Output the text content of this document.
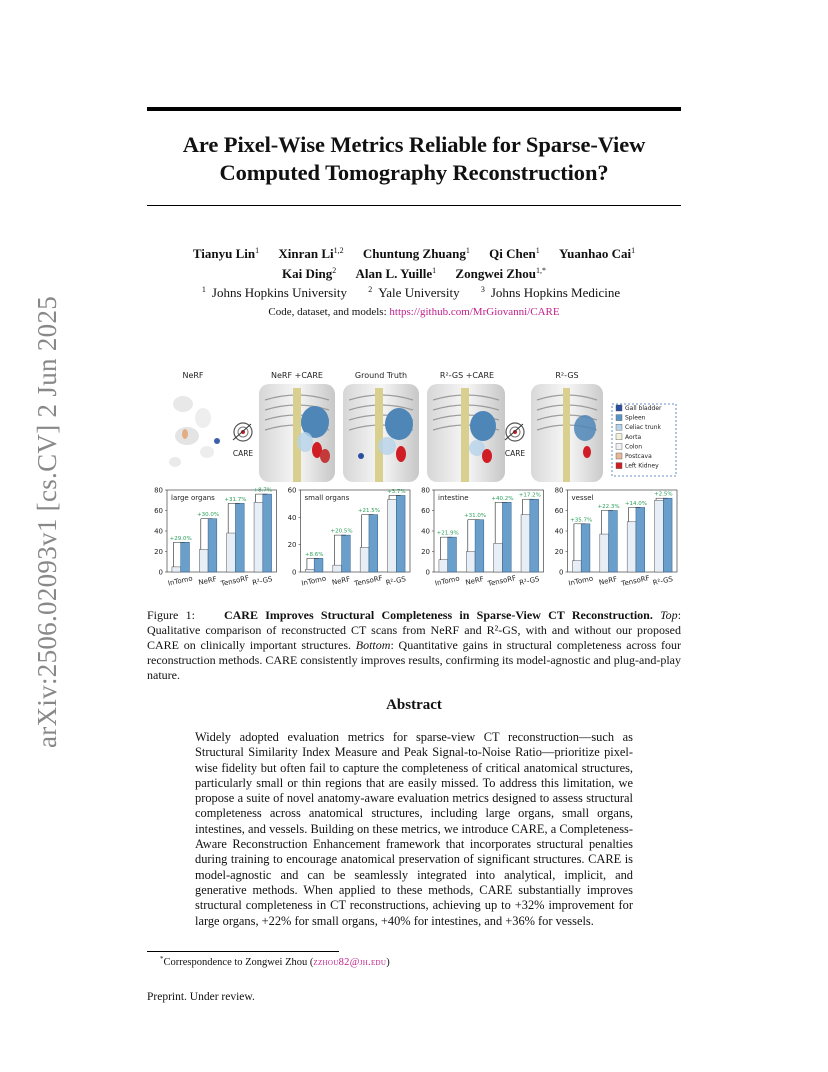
arXiv:2506.02093v1 [cs.CV] 2 Jun 2025
Are Pixel-Wise Metrics Reliable for Sparse-View
Computed Tomography Reconstruction?
Tianyu Lin$^1$ Xinran Li$^{1,2}$ Chuntung Zhuang$^1$ Qi Chen$^1$ Yuanhao Cai$^1$
Kai Ding$^2$ Alan L. Yuille$^1$ Zongwei Zhou$^{1,*}$
$^1$ Johns Hopkins University	$^2$ Yale University	$^3$ Johns Hopkins Medicine
Code, dataset, and models: https://github.com/MrGiovanni/CARE
NeRF	NeRF +CARE	Ground Truth	R²-GS +CARE	R²-GS
CARE	CARE
Gall bladder
Spleen
Celiac trunk
Aorta
Colon
Postcava
Left Kidney
0
20
40
60
80
large organs
+29.0%
InTomo
+30.0%
NeRF
+31.7%
TensoRF
+8.7%
R²-GS
0
20
40
60
small organs
+8.6%
InTomo
+20.5%
NeRF
+21.5%
TensoRF
+3.7%
R²-GS
0
20
40
60
80
intestine
+21.9%
InTomo
+31.0%
NeRF
+40.2%
TensoRF
+17.2%
R²-GS
0
20
40
60
80
vessel
+35.7%
InTomo
+22.3%
NeRF
+14.0%
TensoRF
+2.5%
R²-GS
Figure 1: CARE Improves Structural Completeness in Sparse-View CT Reconstruction. Top: Qualitative comparison of reconstructed CT scans from NeRF and R²-GS, with and without our proposed CARE on clinically important structures. Bottom: Quantitative gains in structural completeness across four reconstruction methods. CARE consistently improves results, confirming its model-agnostic and plug-and-play nature.
Abstract
Widely adopted evaluation metrics for sparse-view CT reconstruction—such as Structural Similarity Index Measure and Peak Signal-to-Noise Ratio—prioritize pixel-wise fidelity but often fail to capture the completeness of critical anatomical structures, particularly small or thin regions that are easily missed. To address this limitation, we propose a suite of novel anatomy-aware evaluation metrics designed to assess structural completeness across anatomical structures, including large organs, small organs, intestines, and vessels. Building on these metrics, we introduce CARE, a Completeness-Aware Reconstruction Enhancement framework that incorporates structural penalties during training to encourage anatomical preservation of significant structures. CARE is model-agnostic and can be seamlessly integrated into analytical, implicit, and generative methods. When applied to these methods, CARE substantially improves structural completeness in CT reconstructions, achieving up to +32% improvement for large organs, +22% for small organs, +40% for intestines, and +36% for vessels.
*Correspondence to Zongwei Zhou (zzhou82@jh.edu)
Preprint. Under review.
